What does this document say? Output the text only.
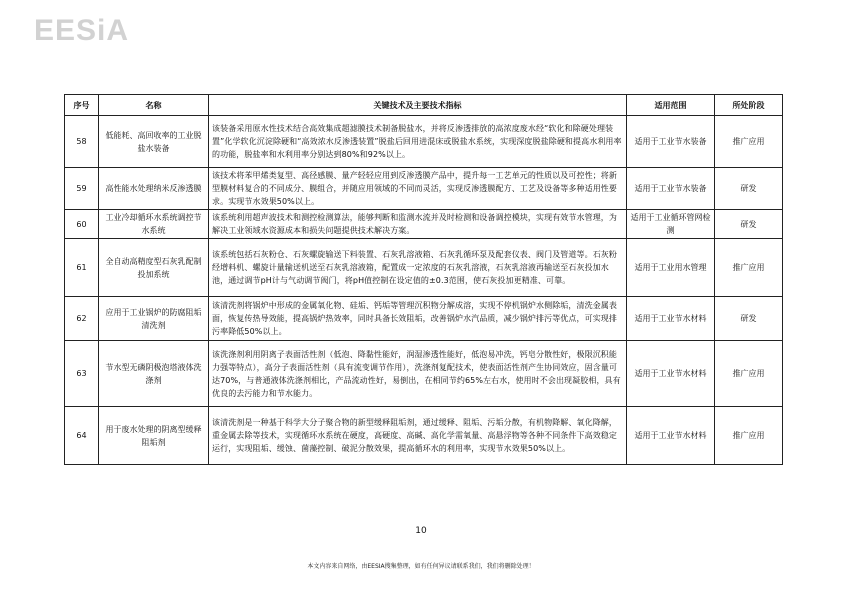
EESiA
序号	名称	关键技术及主要技术指标	适用范围	所处阶段
58	低能耗、高回收率的工业脱盐水装备	该装备采用原水性技术结合高效集成超滤膜技术制备脱盐水，并将反渗透排放的高浓度废水经“软化和除硬处理装置”化学软化沉淀除硬和“高效浓水反渗透装置”脱盐后回用进混床或脱盐水系统，实现深度脱盐除硬和提高水利用率的功能，脱盐率和水利用率分别达到80%和92%以上。	适用于工业节水装备	推广应用
59	高性能水处理纳米反渗透膜	该技术将苯甲烯类复型、高径感膜、量产轻轻应用到反渗透膜产品中，提升每一工艺单元的性质以及可控性；将新型膜材料复合的不同成分、膜组合，并随应用领域的不同而灵活，实现反渗透膜配方、工艺及设备等多种适用性要求。实现节水效果50%以上。	适用于工业节水装备	研发
60	工业冷却循环水系统调控节水系统	该系统利用超声波技术和测控检测算法，能够判断和监测水流并及时检测和设备调控模块，实现有效节水管理，为解决工业领域水资源成本和损失问题提供技术解决方案。	适用于工业循环管网检测	研发
61	全自动高精度型石灰乳配制投加系统	该系统包括石灰粉仓、石灰螺旋输送下料装置、石灰乳溶液箱、石灰乳循环泵及配套仪表、阀门及管道等。石灰粉经增料机、螺旋计量输送机送至石灰乳溶液箱，配置成一定浓度的石灰乳溶液，石灰乳溶液再输送至石灰投加水池，通过调节pH计与气动调节阀门，将pH值控制在设定值的±0.3范围，使石灰投加更精准、可靠。	适用于工业用水管理	推广应用
62	应用于工业锅炉的防腐阻垢清洗剂	该清洗剂将锅炉中形成的金属氧化物、硅垢、钙垢等管理沉积物分解成溶，实现不停机锅炉水侧除垢，清洗金属表面，恢复传热导效能，提高锅炉热效率，同时具备长效阻垢，改善锅炉水汽品质，减少锅炉排污等优点，可实现排污率降低50%以上。	适用于工业节水材料	研发
63	节水型无磷阴极泡塔液体洗涤剂	该洗涤剂利用阴离子表面活性剂（低泡、降黏性能好，润湿渗透性能好，低泡易冲洗，钙皂分散性好，极限沉积能力强等特点），高分子表面活性剂（具有流变调节作用），洗涤剂复配技术，使表面活性剂产生协同效应，固含量可达70%，与普通液体洗涤剂相比，产品流动性好，易倒出，在相同节约65%左右水，使用时不会出现凝胶相，具有优良的去污能力和节水能力。	适用于工业节水材料	推广应用
64	用于废水处理的阴离型缓释阻垢剂	该清洗剂是一种基于科学大分子聚合物的新型缓释阻垢剂，通过缓释、阻垢、污垢分散，有机物降解、氧化降解，重金属去除等技术，实现循环水系统在硬度，高硬度、高碱、高化学需氧量、高悬浮物等各种不同条件下高效稳定运行，实现阻垢、缓蚀、菌藻控制、破泥分散效果，提高循环水的利用率，实现节水效果50%以上。	适用于工业节水材料	推广应用
10
本文内容来自网络，由EESIA搜集整理，如有任何异议请联系我们，我们将删除处理！
